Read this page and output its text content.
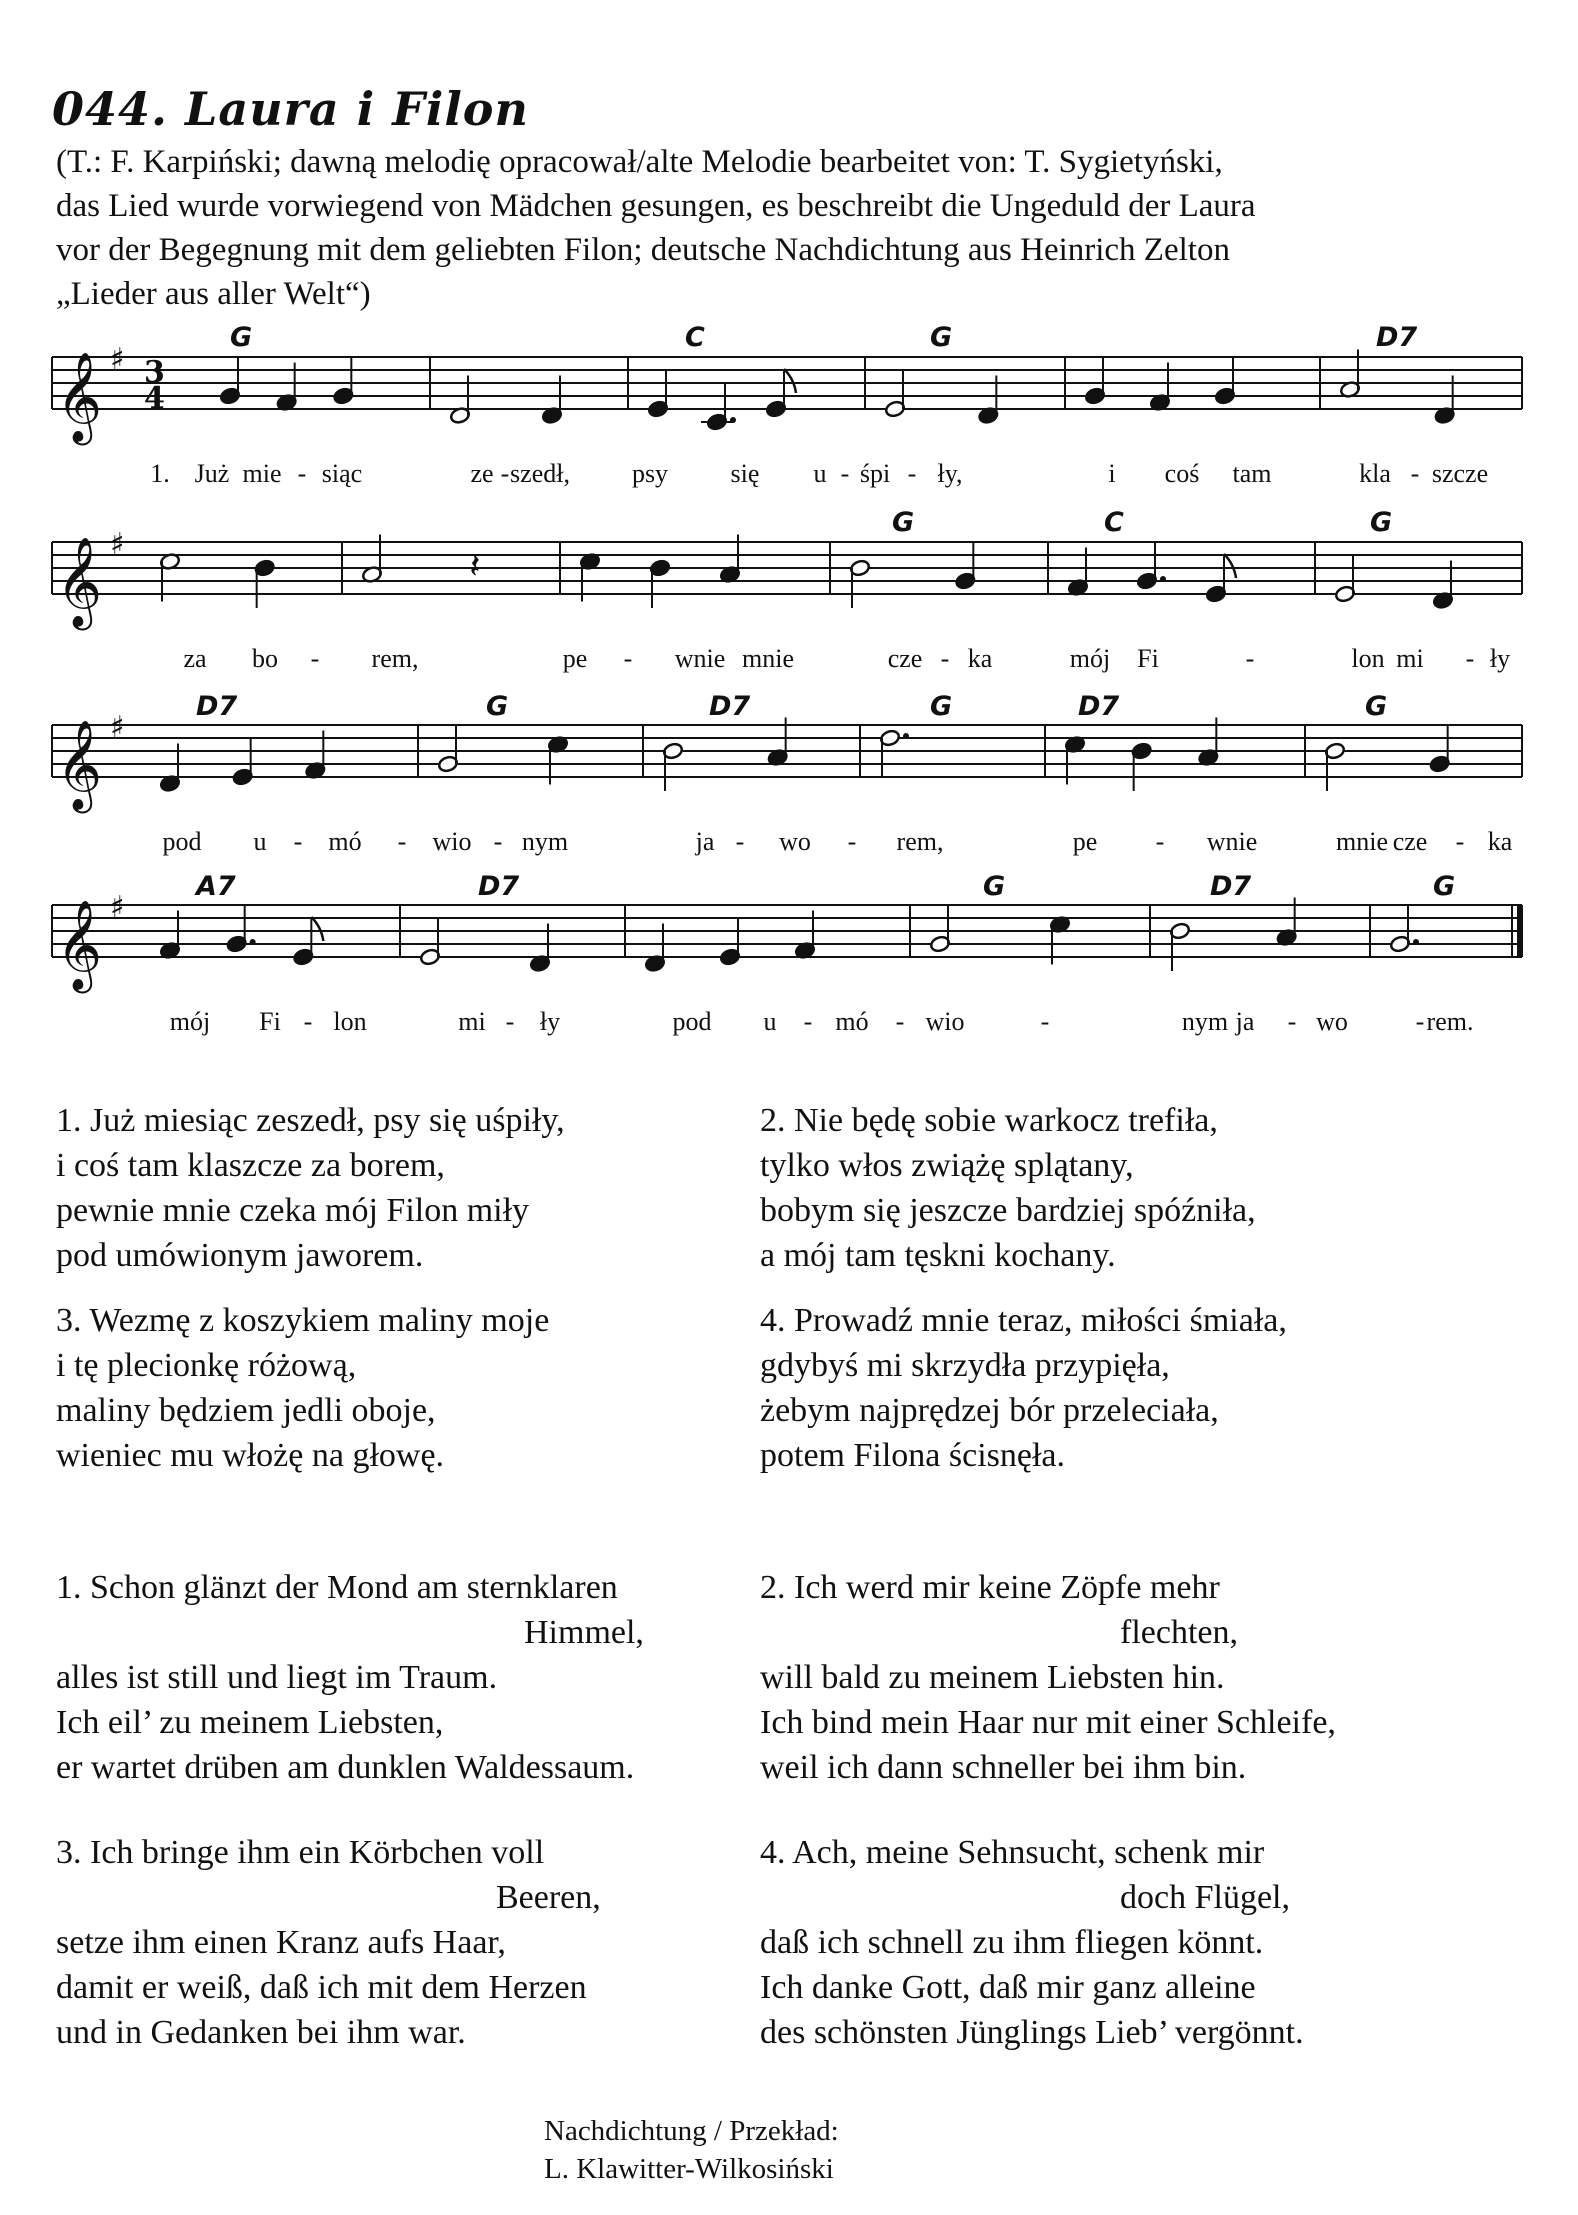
044. Laura i Filon
(T.: F. Karpiński; dawną melodię opracował/alte Melodie bearbeitet von: T. Sygietyński,
das Lied wurde vorwiegend von Mädchen gesungen, es beschreibt die Ungeduld der Laura
vor der Begegnung mit dem geliebten Filon; deutsche Nachdichtung aus Heinrich Zelton
„Lieder aus aller Welt“)
𝄞 ♯ 3
4
G	C	G	D7
1. Już mie - siąc	ze - szedł, psy się u - śpi - ły,	i coś tam	kla - szcze
𝄞 ♯
𝄽
G	C	G
za bo - rem,	pe - wnie mnie	cze - ka	mój Fi	-	lon mi - ły
𝄞 ♯
D7	G	D7	G	D7	G
pod u - mó - wio - nym	ja - wo - rem,	pe - wnie	mnie cze - ka
𝄞 ♯
A7	D7	G	D7	G
mój Fi - lon	mi - ły	pod u - mó - wio	-	nym ja - wo	- rem.
1. Już miesiąc zeszedł, psy się uśpiły,
i coś tam klaszcze za borem,
pewnie mnie czeka mój Filon miły
pod umówionym jaworem.
2. Nie będę sobie warkocz trefiła,
tylko włos zwiążę splątany,
bobym się jeszcze bardziej spóźniła,
a mój tam tęskni kochany.
3. Wezmę z koszykiem maliny moje
i tę plecionkę różową,
maliny będziem jedli oboje,
wieniec mu włożę na głowę.
4. Prowadź mnie teraz, miłości śmiała,
gdybyś mi skrzydła przypięła,
żebym najprędzej bór przeleciała,
potem Filona ścisnęła.
1. Schon glänzt der Mond am sternklaren
Himmel,
alles ist still und liegt im Traum.
Ich eil’ zu meinem Liebsten,
er wartet drüben am dunklen Waldessaum.
2. Ich werd mir keine Zöpfe mehr
flechten,
will bald zu meinem Liebsten hin.
Ich bind mein Haar nur mit einer Schleife,
weil ich dann schneller bei ihm bin.
3. Ich bringe ihm ein Körbchen voll
Beeren,
setze ihm einen Kranz aufs Haar,
damit er weiß, daß ich mit dem Herzen
und in Gedanken bei ihm war.
4. Ach, meine Sehnsucht, schenk mir
doch Flügel,
daß ich schnell zu ihm fliegen könnt.
Ich danke Gott, daß mir ganz alleine
des schönsten Jünglings Lieb’ vergönnt.
Nachdichtung / Przekład:
L. Klawitter-Wilkosiński
